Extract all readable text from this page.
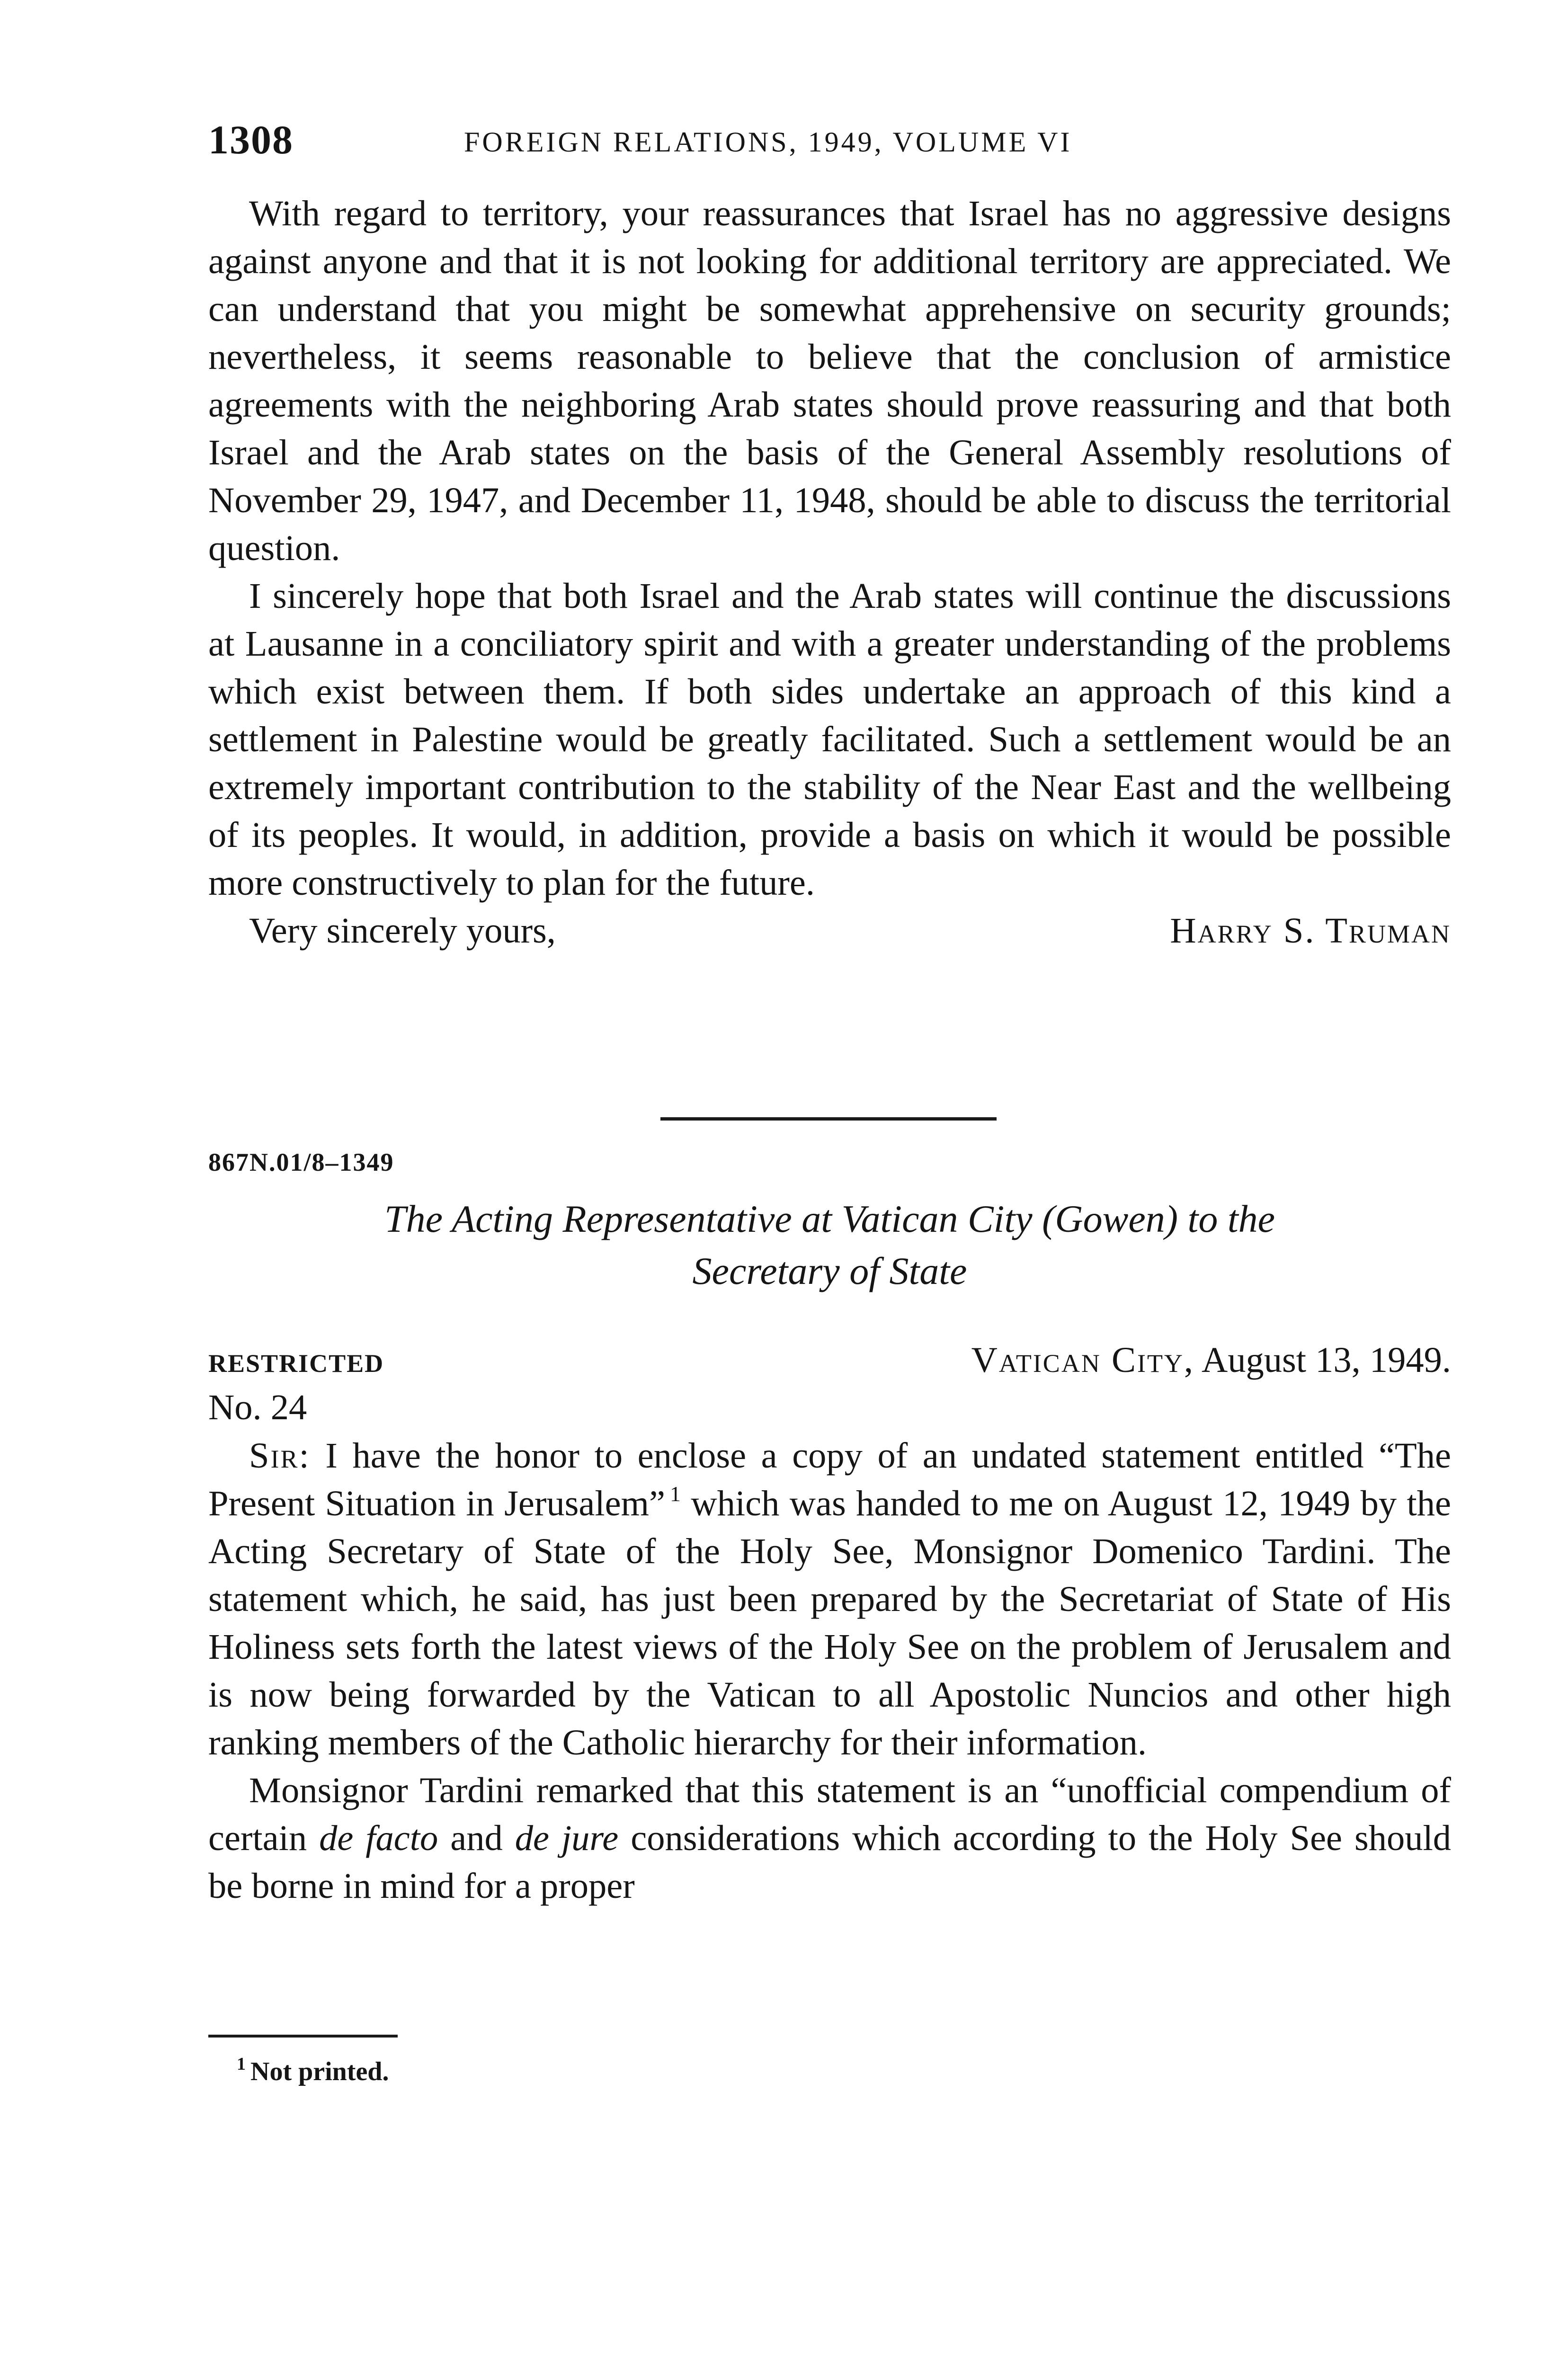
1308	FOREIGN RELATIONS, 1949, VOLUME VI

With regard to territory, your reassurances that Israel has no aggressive designs against anyone and that it is not looking for additional territory are appreciated. We can understand that you might be somewhat apprehensive on security grounds; nevertheless, it seems reasonable to believe that the conclusion of armistice agreements with the neighboring Arab states should prove reassuring and that both Israel and the Arab states on the basis of the General Assembly resolutions of November 29, 1947, and December 11, 1948, should be able to discuss the territorial question.

I sincerely hope that both Israel and the Arab states will continue the discussions at Lausanne in a conciliatory spirit and with a greater understanding of the problems which exist between them. If both sides undertake an approach of this kind a settlement in Palestine would be greatly facilitated. Such a settlement would be an extremely important contribution to the stability of the Near East and the wellbeing of its peoples. It would, in addition, provide a basis on which it would be possible more constructively to plan for the future.

Very sincerely yours,	Harry S. Truman
867N.01/8–1349
The Acting Representative at Vatican City (Gowen) to the
Secretary of State
RESTRICTED	Vatican City, August 13, 1949.
No. 24

Sir: I have the honor to enclose a copy of an undated statement entitled “The Present Situation in Jerusalem” $^1$ which was handed to me on August 12, 1949 by the Acting Secretary of State of the Holy See, Monsignor Domenico Tardini. The statement which, he said, has just been prepared by the Secretariat of State of His Holiness sets forth the latest views of the Holy See on the problem of Jerusalem and is now being forwarded by the Vatican to all Apostolic Nuncios and other high ranking members of the Catholic hierarchy for their information.

Monsignor Tardini remarked that this statement is an “unofficial compendium of certain de facto and de jure considerations which according to the Holy See should be borne in mind for a proper

$^1$ Not printed.
